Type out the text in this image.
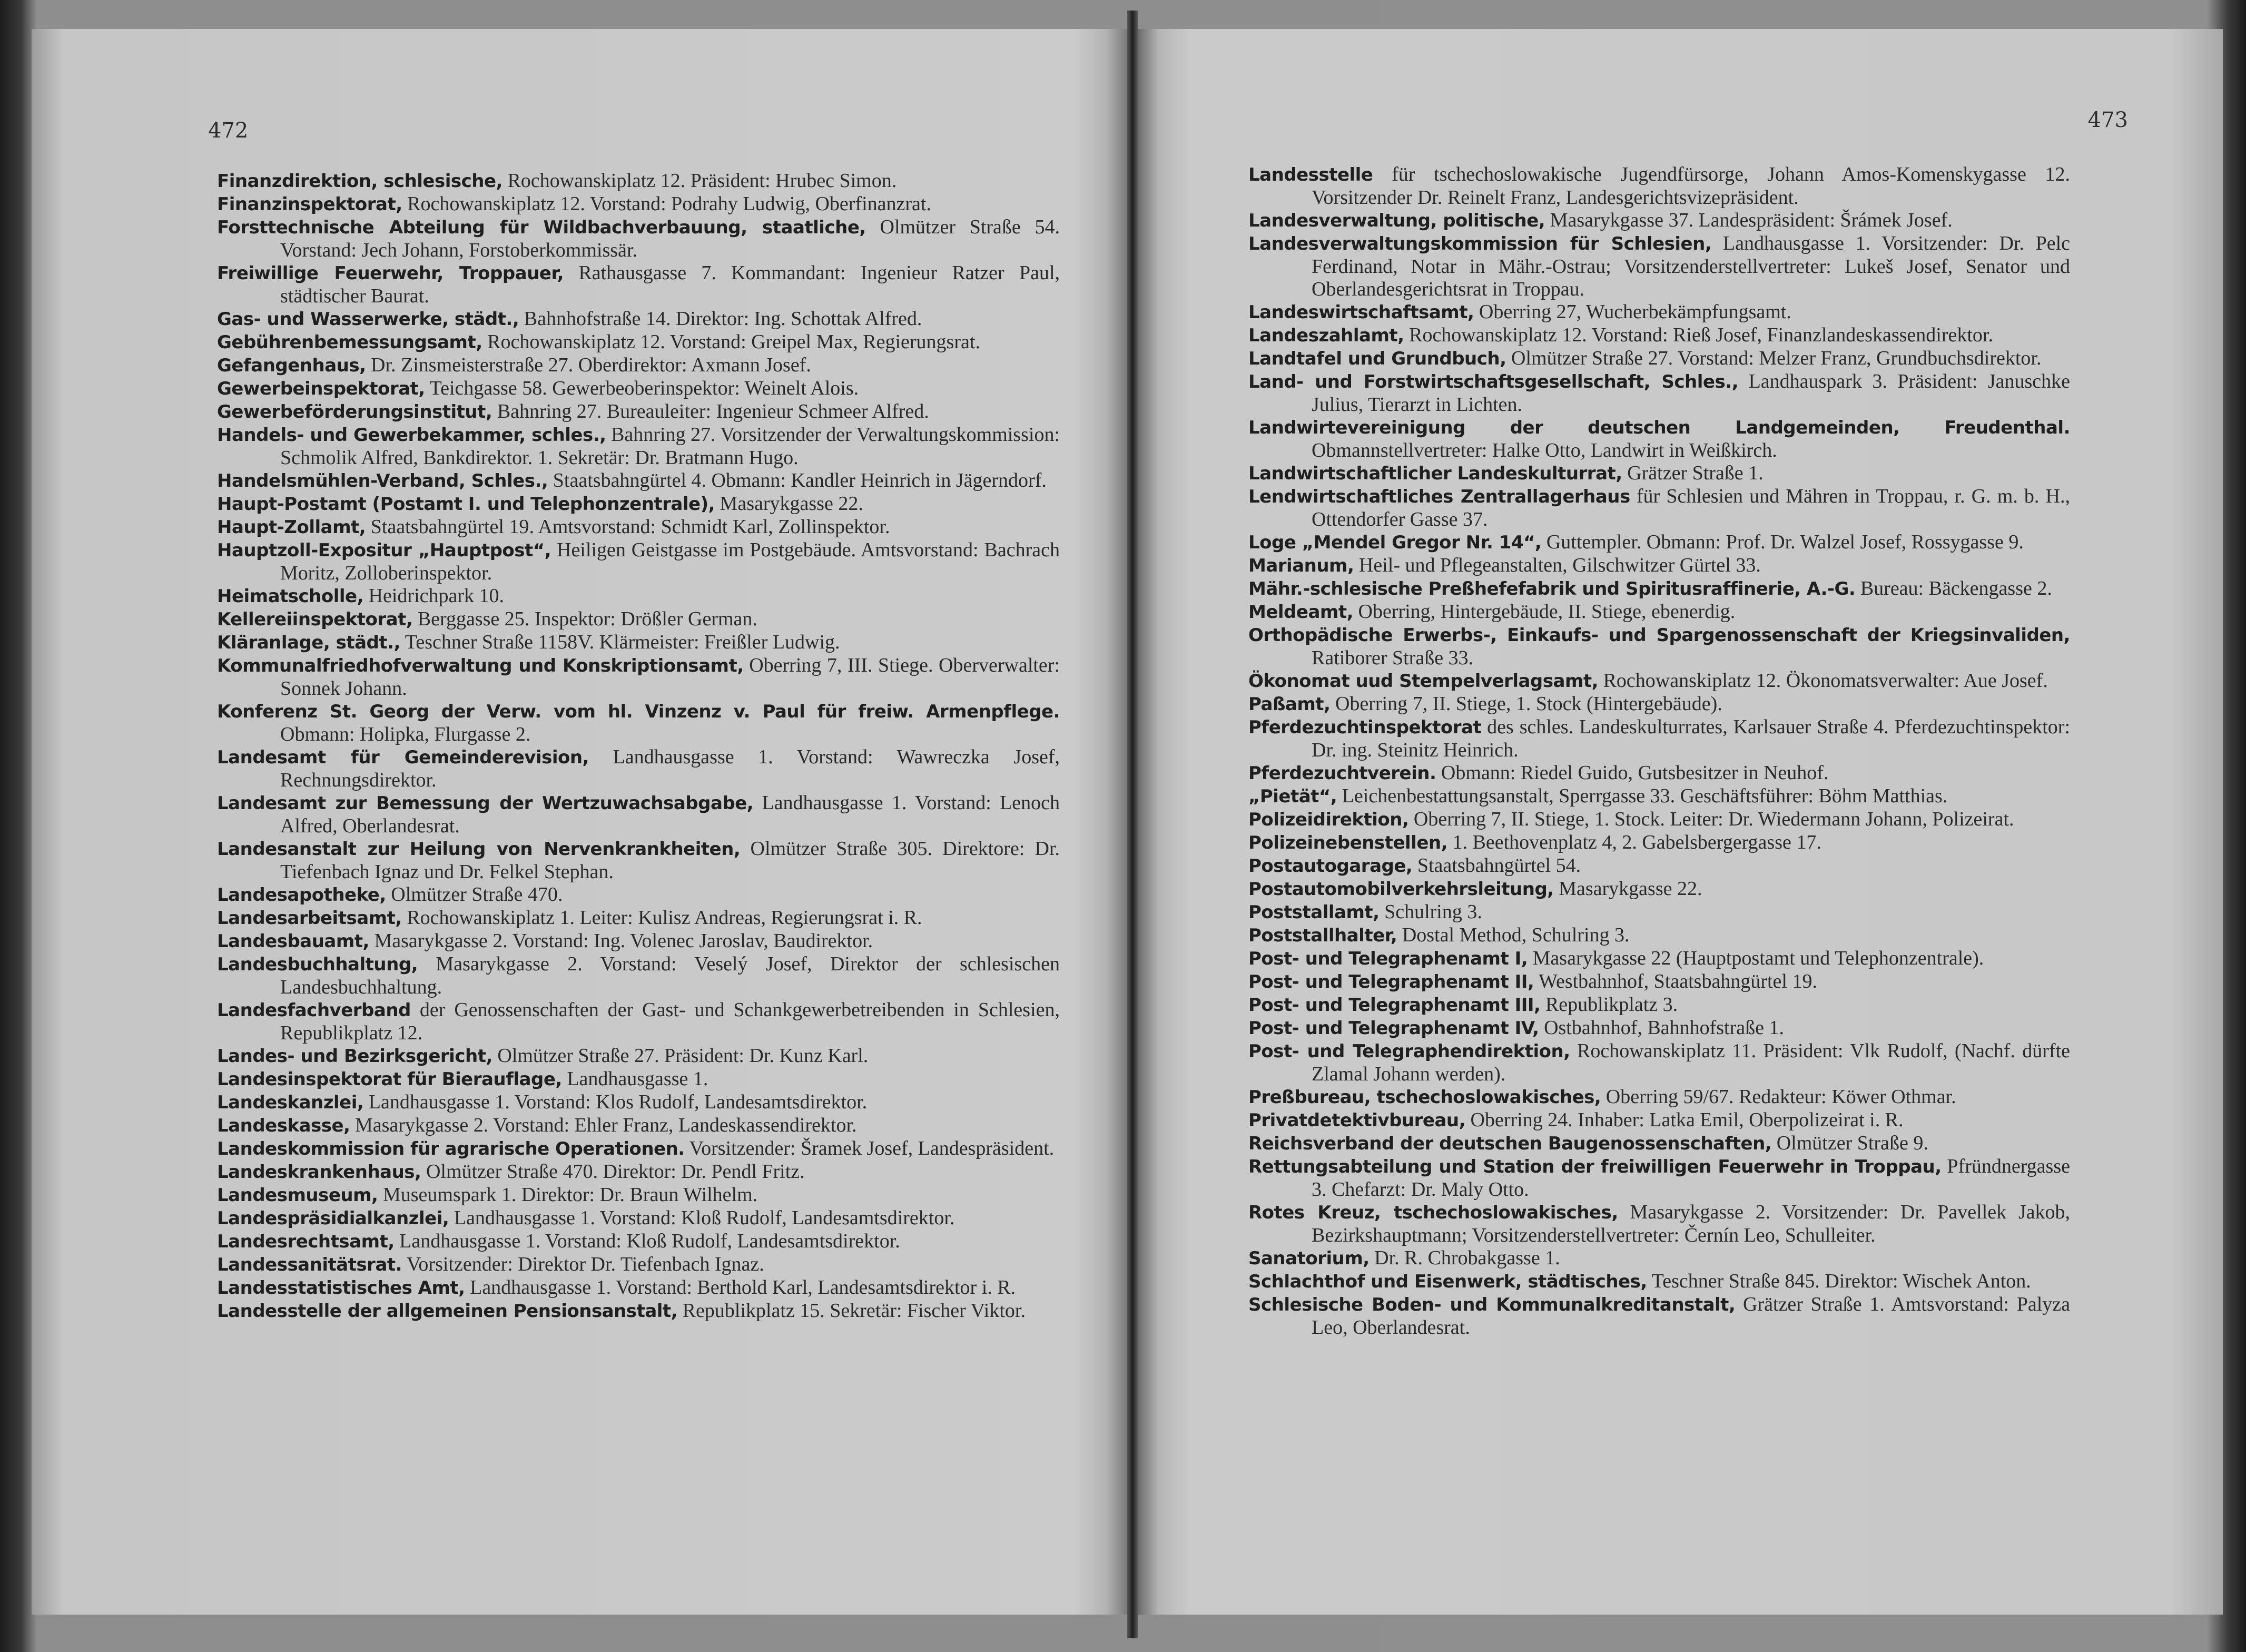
472

Finanzdirektion, schlesische, Rochowanskiplatz 12. Präsident: Hrubec Simon.

Finanzinspektorat, Rochowanskiplatz 12. Vorstand: Podrahy Ludwig, Oberfinanzrat.

Forsttechnische Abteilung für Wildbachverbauung, staatliche, Olmützer Straße 54. Vorstand: Jech Johann, Forstoberkommissär.

Freiwillige Feuerwehr, Troppauer, Rathausgasse 7. Kommandant: Ingenieur Ratzer Paul, städtischer Baurat.

Gas- und Wasserwerke, städt., Bahnhofstraße 14. Direktor: Ing. Schottak Alfred.

Gebührenbemessungsamt, Rochowanskiplatz 12. Vorstand: Greipel Max, Regierungsrat.

Gefangenhaus, Dr. Zinsmeisterstraße 27. Oberdirektor: Axmann Josef.

Gewerbeinspektorat, Teichgasse 58. Gewerbeoberinspektor: Weinelt Alois.

Gewerbeförderungsinstitut, Bahnring 27. Bureauleiter: Ingenieur Schmeer Alfred.

Handels- und Gewerbekammer, schles., Bahnring 27. Vorsitzender der Verwaltungskommission: Schmolik Alfred, Bankdirektor. 1. Sekretär: Dr. Bratmann Hugo.

Handelsmühlen-Verband, Schles., Staatsbahngürtel 4. Obmann: Kandler Heinrich in Jägerndorf.

Haupt-Postamt (Postamt I. und Telephonzentrale), Masarykgasse 22.

Haupt-Zollamt, Staatsbahngürtel 19. Amtsvorstand: Schmidt Karl, Zollinspektor.

Hauptzoll-Expositur „Hauptpost“, Heiligen Geistgasse im Postgebäude. Amtsvorstand: Bachrach Moritz, Zolloberinspektor.

Heimatscholle, Heidrichpark 10.

Kellereiinspektorat, Berggasse 25. Inspektor: Drößler German.

Kläranlage, städt., Teschner Straße 1158V. Klärmeister: Freißler Ludwig.

Kommunalfriedhofverwaltung und Konskriptionsamt, Oberring 7, III. Stiege. Oberverwalter: Sonnek Johann.

Konferenz St. Georg der Verw. vom hl. Vinzenz v. Paul für freiw. Armenpflege. Obmann: Holipka, Flurgasse 2.

Landesamt für Gemeinderevision, Landhausgasse 1. Vorstand: Wawreczka Josef, Rechnungsdirektor.

Landesamt zur Bemessung der Wertzuwachsabgabe, Landhausgasse 1. Vorstand: Lenoch Alfred, Oberlandesrat.

Landesanstalt zur Heilung von Nervenkrankheiten, Olmützer Straße 305. Direktore: Dr. Tiefenbach Ignaz und Dr. Felkel Stephan.

Landesapotheke, Olmützer Straße 470.

Landesarbeitsamt, Rochowanskiplatz 1. Leiter: Kulisz Andreas, Regierungsrat i. R.

Landesbauamt, Masarykgasse 2. Vorstand: Ing. Volenec Jaroslav, Baudirektor.

Landesbuchhaltung, Masarykgasse 2. Vorstand: Veselý Josef, Direktor der schlesischen Landesbuchhaltung.

Landesfachverband der Genossenschaften der Gast- und Schankgewerbetreibenden in Schlesien, Republikplatz 12.

Landes- und Bezirksgericht, Olmützer Straße 27. Präsident: Dr. Kunz Karl.

Landesinspektorat für Bierauflage, Landhausgasse 1.

Landeskanzlei, Landhausgasse 1. Vorstand: Klos Rudolf, Landesamtsdirektor.

Landeskasse, Masarykgasse 2. Vorstand: Ehler Franz, Landeskassendirektor.

Landeskommission für agrarische Operationen. Vorsitzender: Šramek Josef, Landespräsident.

Landeskrankenhaus, Olmützer Straße 470. Direktor: Dr. Pendl Fritz.

Landesmuseum, Museumspark 1. Direktor: Dr. Braun Wilhelm.

Landespräsidialkanzlei, Landhausgasse 1. Vorstand: Kloß Rudolf, Landesamtsdirektor.

Landesrechtsamt, Landhausgasse 1. Vorstand: Kloß Rudolf, Landesamtsdirektor.

Landessanitätsrat. Vorsitzender: Direktor Dr. Tiefenbach Ignaz.

Landesstatistisches Amt, Landhausgasse 1. Vorstand: Berthold Karl, Landesamtsdirektor i. R.

Landesstelle der allgemeinen Pensionsanstalt, Republikplatz 15. Sekretär: Fischer Viktor.

473

Landesstelle für tschechoslowakische Jugendfürsorge, Johann Amos-Komenskygasse 12. Vorsitzender Dr. Reinelt Franz, Landesgerichtsvizepräsident.

Landesverwaltung, politische, Masarykgasse 37. Landespräsident: Šrámek Josef.

Landesverwaltungskommission für Schlesien, Landhausgasse 1. Vorsitzender: Dr. Pelc Ferdinand, Notar in Mähr.-Ostrau; Vorsitzenderstellvertreter: Lukeš Josef, Senator und Oberlandesgerichtsrat in Troppau.

Landeswirtschaftsamt, Oberring 27, Wucherbekämpfungsamt.

Landeszahlamt, Rochowanskiplatz 12. Vorstand: Rieß Josef, Finanzlandeskassendirektor.

Landtafel und Grundbuch, Olmützer Straße 27. Vorstand: Melzer Franz, Grundbuchsdirektor.

Land- und Forstwirtschaftsgesellschaft, Schles., Landhauspark 3. Präsident: Januschke Julius, Tierarzt in Lichten.

Landwirtevereinigung der deutschen Landgemeinden, Freudenthal. Obmannstellvertreter: Halke Otto, Landwirt in Weißkirch.

Landwirtschaftlicher Landeskulturrat, Grätzer Straße 1.

Lendwirtschaftliches Zentrallagerhaus für Schlesien und Mähren in Troppau, r. G. m. b. H., Ottendorfer Gasse 37.

Loge „Mendel Gregor Nr. 14“, Guttempler. Obmann: Prof. Dr. Walzel Josef, Rossygasse 9.

Marianum, Heil- und Pflegeanstalten, Gilschwitzer Gürtel 33.

Mähr.-schlesische Preßhefefabrik und Spiritusraffinerie, A.-G. Bureau: Bäckengasse 2.

Meldeamt, Oberring, Hintergebäude, II. Stiege, ebenerdig.

Orthopädische Erwerbs-, Einkaufs- und Spargenossenschaft der Kriegsinvaliden, Ratiborer Straße 33.

Ökonomat uud Stempelverlagsamt, Rochowanskiplatz 12. Ökonomatsverwalter: Aue Josef.

Paßamt, Oberring 7, II. Stiege, 1. Stock (Hintergebäude).

Pferdezuchtinspektorat des schles. Landeskulturrates, Karlsauer Straße 4. Pferdezuchtinspektor: Dr. ing. Steinitz Heinrich.

Pferdezuchtverein. Obmann: Riedel Guido, Gutsbesitzer in Neuhof.

„Pietät“, Leichenbestattungsanstalt, Sperrgasse 33. Geschäftsführer: Böhm Matthias.

Polizeidirektion, Oberring 7, II. Stiege, 1. Stock. Leiter: Dr. Wiedermann Johann, Polizeirat.

Polizeinebenstellen, 1. Beethovenplatz 4, 2. Gabelsbergergasse 17.

Postautogarage, Staatsbahngürtel 54.

Postautomobilverkehrsleitung, Masarykgasse 22.

Poststallamt, Schulring 3.

Poststallhalter, Dostal Method, Schulring 3.

Post- und Telegraphenamt I, Masarykgasse 22 (Hauptpostamt und Telephonzentrale).

Post- und Telegraphenamt II, Westbahnhof, Staatsbahngürtel 19.

Post- und Telegraphenamt III, Republikplatz 3.

Post- und Telegraphenamt IV, Ostbahnhof, Bahnhofstraße 1.

Post- und Telegraphendirektion, Rochowanskiplatz 11. Präsident: Vlk Rudolf, (Nachf. dürfte Zlamal Johann werden).

Preßbureau, tschechoslowakisches, Oberring 59/67. Redakteur: Köwer Othmar.

Privatdetektivbureau, Oberring 24. Inhaber: Latka Emil, Oberpolizeirat i. R.

Reichsverband der deutschen Baugenossenschaften, Olmützer Straße 9.

Rettungsabteilung und Station der freiwilligen Feuerwehr in Troppau, Pfründnergasse 3. Chefarzt: Dr. Maly Otto.

Rotes Kreuz, tschechoslowakisches, Masarykgasse 2. Vorsitzender: Dr. Pavellek Jakob, Bezirkshauptmann; Vorsitzenderstellvertreter: Černín Leo, Schulleiter.

Sanatorium, Dr. R. Chrobakgasse 1.

Schlachthof und Eisenwerk, städtisches, Teschner Straße 845. Direktor: Wischek Anton.

Schlesische Boden- und Kommunalkreditanstalt, Grätzer Straße 1. Amtsvorstand: Palyza Leo, Oberlandesrat.
